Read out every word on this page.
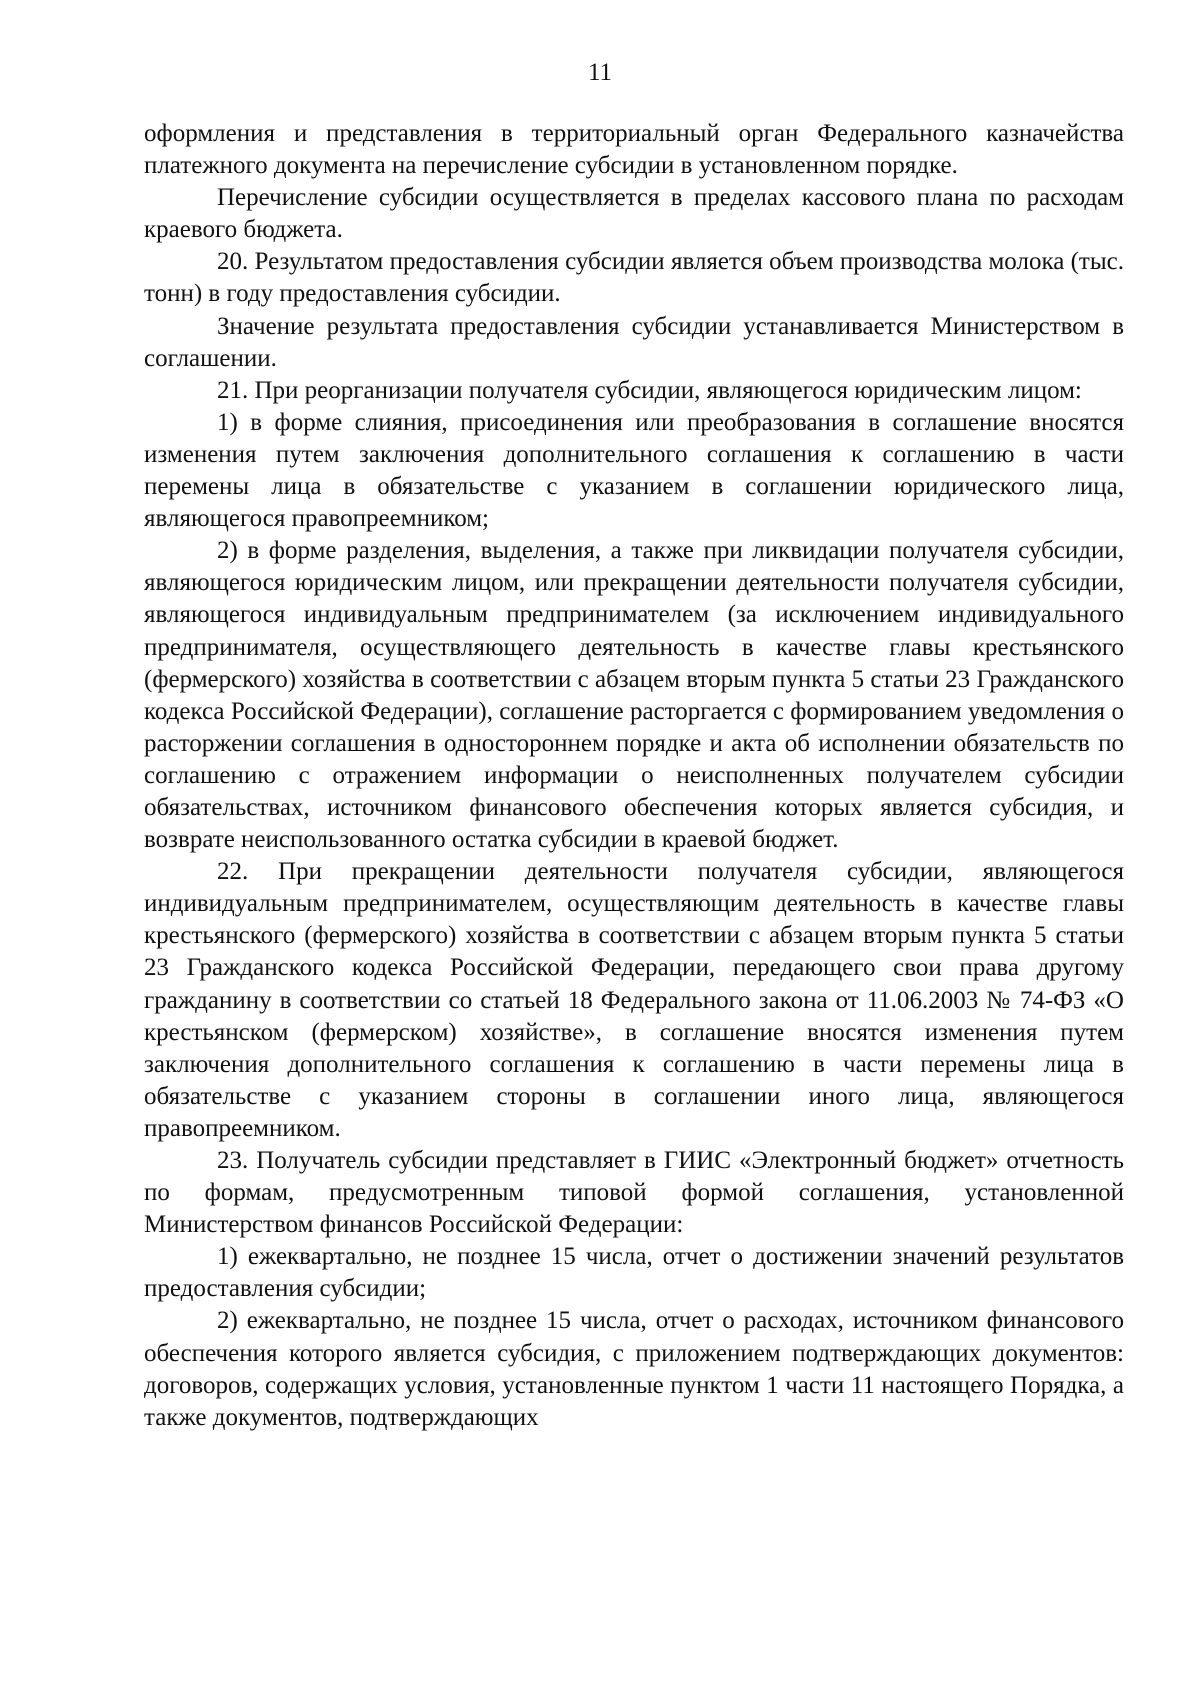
11

оформления и представления в территориальный орган Федерального казначейства платежного документа на перечисление субсидии в установленном порядке.

Перечисление субсидии осуществляется в пределах кассового плана по расходам краевого бюджета.

20. Результатом предоставления субсидии является объем производства молока (тыс. тонн) в году предоставления субсидии.

Значение результата предоставления субсидии устанавливается Министерством в соглашении.

21. При реорганизации получателя субсидии, являющегося юридическим лицом:

1) в форме слияния, присоединения или преобразования в соглашение вносятся изменения путем заключения дополнительного соглашения к соглашению в части перемены лица в обязательстве с указанием в соглашении юридического лица, являющегося правопреемником;

2) в форме разделения, выделения, а также при ликвидации получателя субсидии, являющегося юридическим лицом, или прекращении деятельности получателя субсидии, являющегося индивидуальным предпринимателем (за исключением индивидуального предпринимателя, осуществляющего деятельность в качестве главы крестьянского (фермерского) хозяйства в соответствии с абзацем вторым пункта 5 статьи 23 Гражданского кодекса Российской Федерации), соглашение расторгается с формированием уведомления о расторжении соглашения в одностороннем порядке и акта об исполнении обязательств по соглашению с отражением информации о неисполненных получателем субсидии обязательствах, источником финансового обеспечения которых является субсидия, и возврате неиспользованного остатка субсидии в краевой бюджет.

22. При прекращении деятельности получателя субсидии, являющегося индивидуальным предпринимателем, осуществляющим деятельность в качестве главы крестьянского (фермерского) хозяйства в соответствии с абзацем вторым пункта 5 статьи 23 Гражданского кодекса Российской Федерации, передающего свои права другому гражданину в соответствии со статьей 18 Федерального закона от 11.06.2003 № 74-ФЗ «О крестьянском (фермерском) хозяйстве», в соглашение вносятся изменения путем заключения дополнительного соглашения к соглашению в части перемены лица в обязательстве с указанием стороны в соглашении иного лица, являющегося правопреемником.

23. Получатель субсидии представляет в ГИИС «Электронный бюджет» отчетность по формам, предусмотренным типовой формой соглашения, установленной Министерством финансов Российской Федерации:

1) ежеквартально, не позднее 15 числа, отчет о достижении значений результатов предоставления субсидии;

2) ежеквартально, не позднее 15 числа, отчет о расходах, источником финансового обеспечения которого является субсидия, с приложением подтверждающих документов: договоров, содержащих условия, установленные пунктом 1 части 11 настоящего Порядка, а также документов, подтверждающих
